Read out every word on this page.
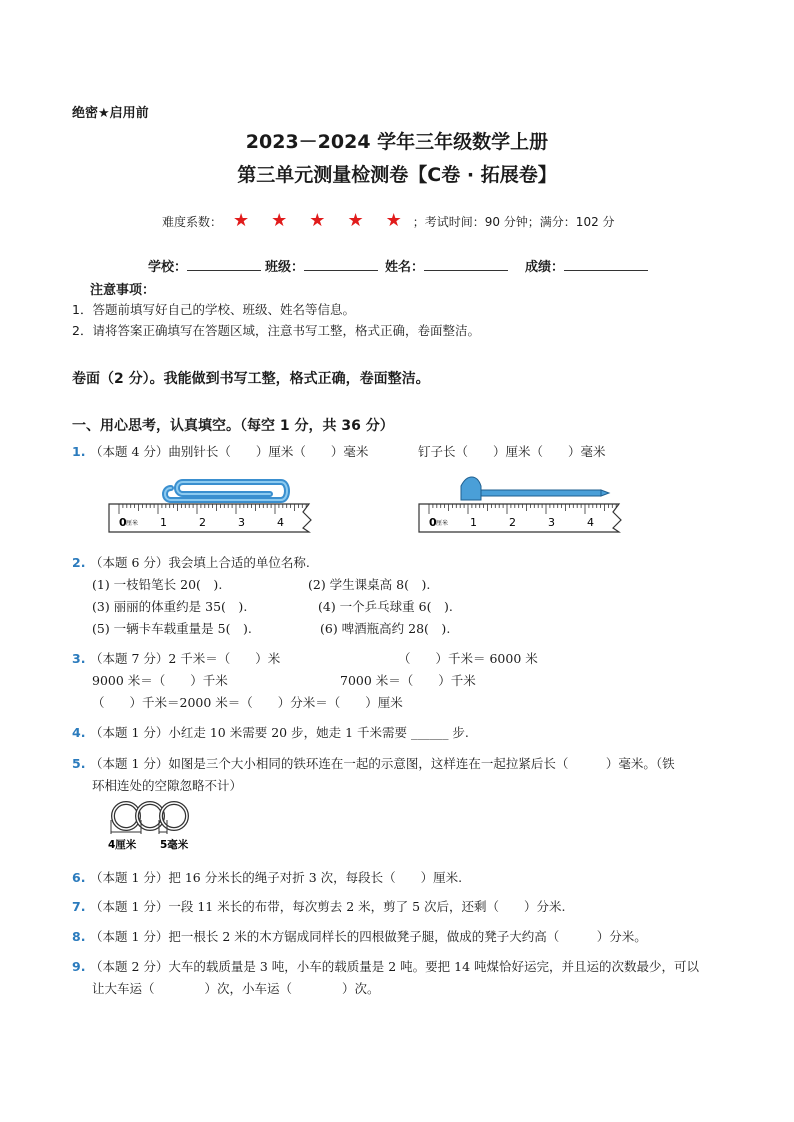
绝密★启用前
2023－2024 学年三年级数学上册
第三单元测量检测卷【C卷 · 拓展卷】
难度系数： ★ ★ ★ ★ ★ ；考试时间：90 分钟；满分：102 分
学校：	班级：	姓名：	成绩：
注意事项：
1．答题前填写好自己的学校、班级、姓名等信息。
2．请将答案正确填写在答题区域，注意书写工整，格式正确，卷面整洁。
卷面（2 分）。我能做到书写工整，格式正确，卷面整洁。
一、用心思考，认真填空。（每空 1 分，共 36 分）
1. （本题 4 分）曲别针长（　　）厘米（　　）毫米	钉子长（　　）厘米（　　）毫米
0 厘米 1	2	3	4	0 厘米 1	2	3	4
2. （本题 6 分）我会填上合适的单位名称.
(1) 一枝铅笔长 20(　).	(2) 学生课桌高 8(　).
(3) 丽丽的体重约是 35(　).	(4) 一个乒乓球重 6(　).
(5) 一辆卡车载重量是 5(　).	(6) 啤酒瓶高约 28(　).
3. （本题 7 分）2 千米＝（　　）米	（　　）千米＝ 6000 米
9000 米＝（　　）千米	7000 米＝（　　）千米
（　　）千米＝2000 米＝（　　）分米＝（　　）厘米
4. （本题 1 分）小红走 10 米需要 20 步，她走 1 千米需要 ______ 步.
5. （本题 1 分）如图是三个大小相同的铁环连在一起的示意图，这样连在一起拉紧后长（　　　）毫米。（铁
环相连处的空隙忽略不计）
4厘米 5毫米
6. （本题 1 分）把 16 分米长的绳子对折 3 次，每段长（　　）厘米.
7. （本题 1 分）一段 11 米长的布带，每次剪去 2 米，剪了 5 次后，还剩（　　）分米.
8. （本题 1 分）把一根长 2 米的木方锯成同样长的四根做凳子腿，做成的凳子大约高（　　　）分米。
9. （本题 2 分）大车的载质量是 3 吨，小车的载质量是 2 吨。要把 14 吨煤恰好运完，并且运的次数最少，可以
让大车运（　　　　）次，小车运（　　　　）次。
